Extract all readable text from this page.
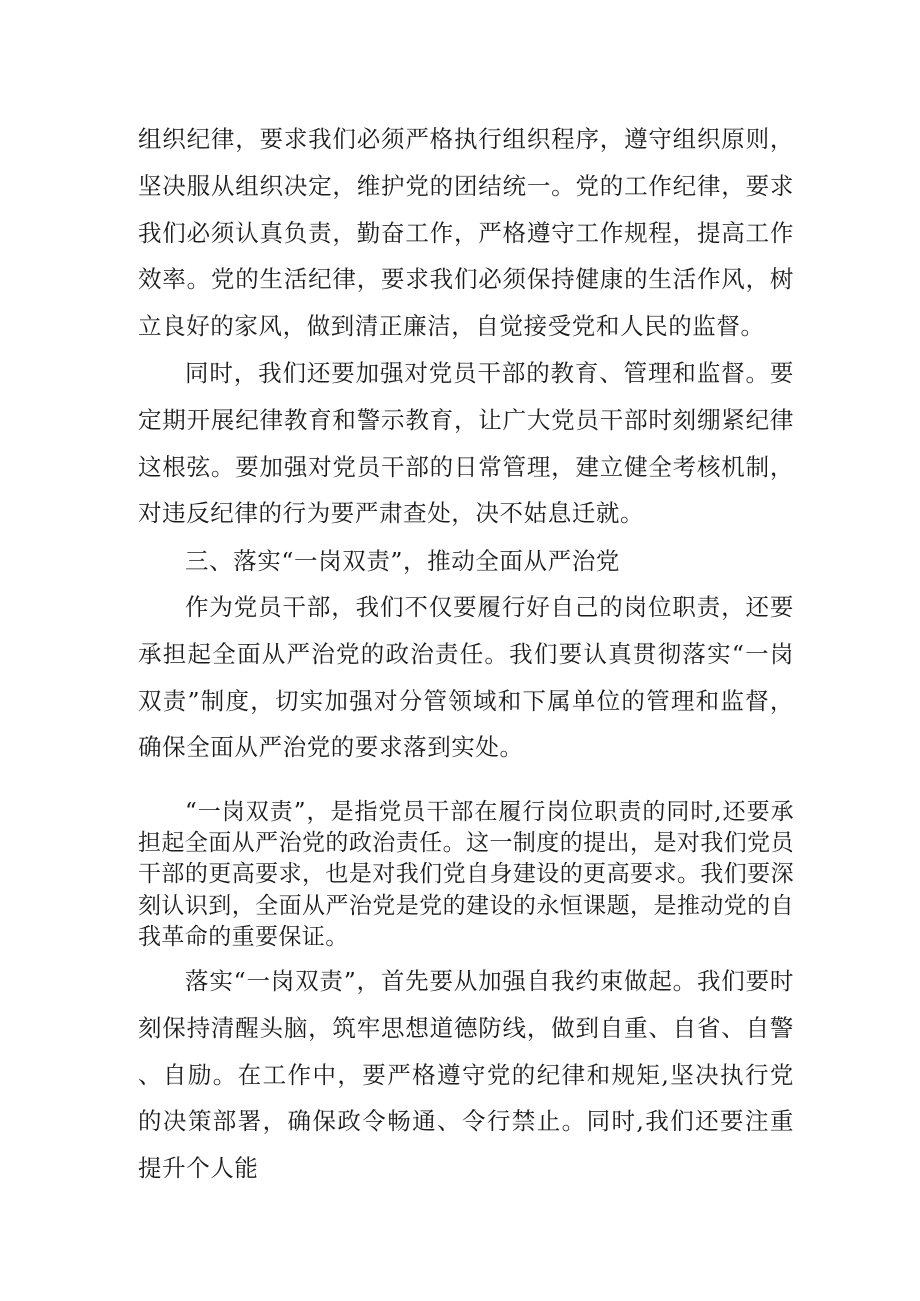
组织纪律，要求我们必须严格执行组织程序，遵守组织原则，坚决服从组织决定，维护党的团结统一。党的工作纪律，要求我们必须认真负责，勤奋工作，严格遵守工作规程，提高工作效率。党的生活纪律，要求我们必须保持健康的生活作风，树立良好的家风，做到清正廉洁，自觉接受党和人民的监督。

同时，我们还要加强对党员干部的教育、管理和监督。要定期开展纪律教育和警示教育，让广大党员干部时刻绷紧纪律这根弦。要加强对党员干部的日常管理，建立健全考核机制，对违反纪律的行为要严肃查处，决不姑息迁就。

三、落实“一岗双责”，推动全面从严治党

作为党员干部，我们不仅要履行好自己的岗位职责，还要承担起全面从严治党的政治责任。我们要认真贯彻落实“一岗双责”制度，切实加强对分管领域和下属单位的管理和监督，确保全面从严治党的要求落到实处。

“一岗双责”，是指党员干部在履行岗位职责的同时,还要承担起全面从严治党的政治责任。这一制度的提出，是对我们党员干部的更高要求，也是对我们党自身建设的更高要求。我们要深刻认识到，全面从严治党是党的建设的永恒课题，是推动党的自我革命的重要保证。

落实“一岗双责”，首先要从加强自我约束做起。我们要时刻保持清醒头脑，筑牢思想道德防线，做到自重、自省、自警、自励。在工作中，要严格遵守党的纪律和规矩,坚决执行党的决策部署，确保政令畅通、令行禁止。同时,我们还要注重提升个人能
